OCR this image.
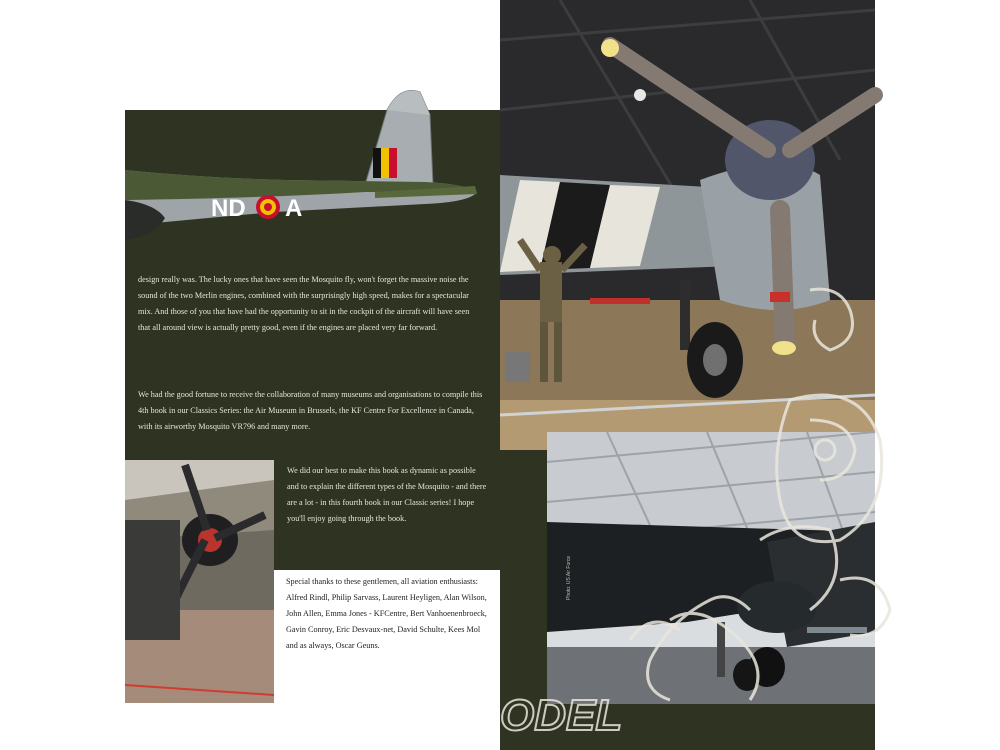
ND A
design really was. The lucky ones that have seen the Mosquito fly, won't forget the massive noise the sound of the two Merlin engines, combined with the surprisingly high speed, makes for a spectacular mix. And those of you that have had the opportunity to sit in the cockpit of the aircraft will have seen that all around view is actually pretty good, even if the engines are placed very far forward.
We had the good fortune to receive the collaboration of many museums and organisations to compile this 4th book in our Classics Series: the Air Museum in Brussels, the KF Centre For Excellence in Canada, with its airworthy Mosquito VR796 and many more.
We did our best to make this book as dynamic as possible and to explain the different types of the Mosquito - and there are a lot - in this fourth book in our Classic series! I hope you'll enjoy going through the book.
Special thanks to these gentlemen, all aviation enthusiasts: Alfred Rindl, Philip Sarvass, Laurent Heyligen, Alan Wilson, John Allen, Emma Jones - KFCentre, Bert Vanhoenenbroeck, Gavin Conroy, Eric Desvaux-net, David Schulte, Kees Mol and as always, Oscar Geuns.
Photo: US Air Force
ODEL
